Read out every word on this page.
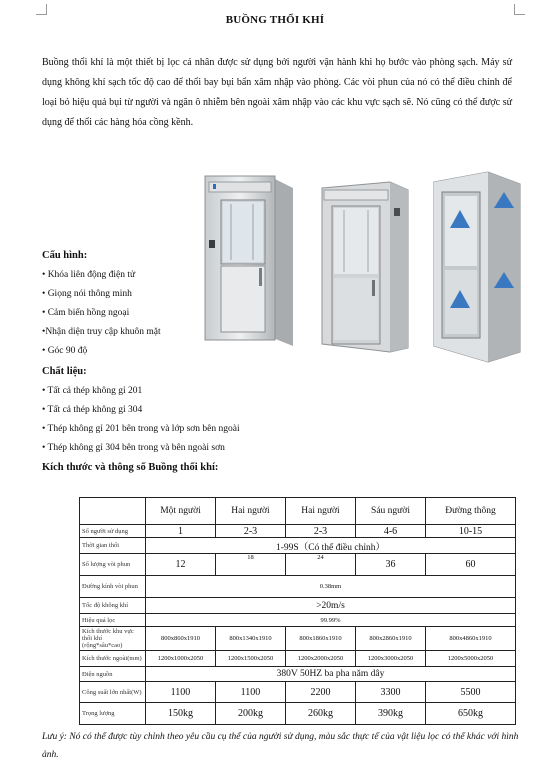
BUỒNG THỔI KHÍ

Buồng thổi khí là một thiết bị lọc cá nhân được sử dụng bởi người vận hành khi họ bước vào phòng sạch. Máy sử dụng không khí sạch tốc độ cao để thổi bay bụi bẩn xâm nhập vào phòng. Các vòi phun của nó có thể điều chỉnh để loại bỏ hiệu quả bụi từ người và ngăn ô nhiễm bên ngoài xâm nhập vào các khu vực sạch sẽ. Nó cũng có thể được sử dụng để thổi các hàng hóa cồng kềnh.

Cấu hình:
• Khóa liên động điện tử
• Giọng nói thông minh
• Cảm biến hồng ngoại
•Nhận diện truy cập khuôn mặt
• Góc 90 độ
Chất liệu:
• Tất cả thép không gỉ 201
• Tất cả thép không gỉ 304
• Thép không gỉ 201 bên trong và lớp sơn bên ngoài
• Thép không gỉ 304 bên trong và bên ngoài sơn
Kích thước và thông số Buồng thổi khí:
	Một người	Hai người	Hai người	Sáu người	Đường thông
Số người sử dụng	1	2-3	2-3	4-6	10-15
Thời gian thổi	1-99S（Có thể điều chỉnh）				
Số lượng vòi phun	12	18	24	36	60
Đường kính vòi phun	0.38mm				
Tốc độ không khí	>20m/s				
Hiệu quả lọc	99.99%				
Kích thước khu vực thổi khí (rộng*sâu*cao)	800x860x1910	800x1340x1910	800x1860x1910	800x2860x1910	800x4860x1910
Kích thước ngoài(mm)	1200x1000x2050	1200x1500x2050	1200x2000x2050	1200x3000x2050	1200x5000x2050
Điện nguồn	380V 50HZ ba pha năm dây				
Công suất lớn nhất(W)	1100	1100	2200	3300	5500
Trọng lượng	150kg	200kg	260kg	390kg	650kg

Lưu ý: Nó có thể được tùy chỉnh theo yêu cầu cụ thể của người sử dụng, màu sắc thực tế của vật liệu lọc có thể khác với hình ảnh.
